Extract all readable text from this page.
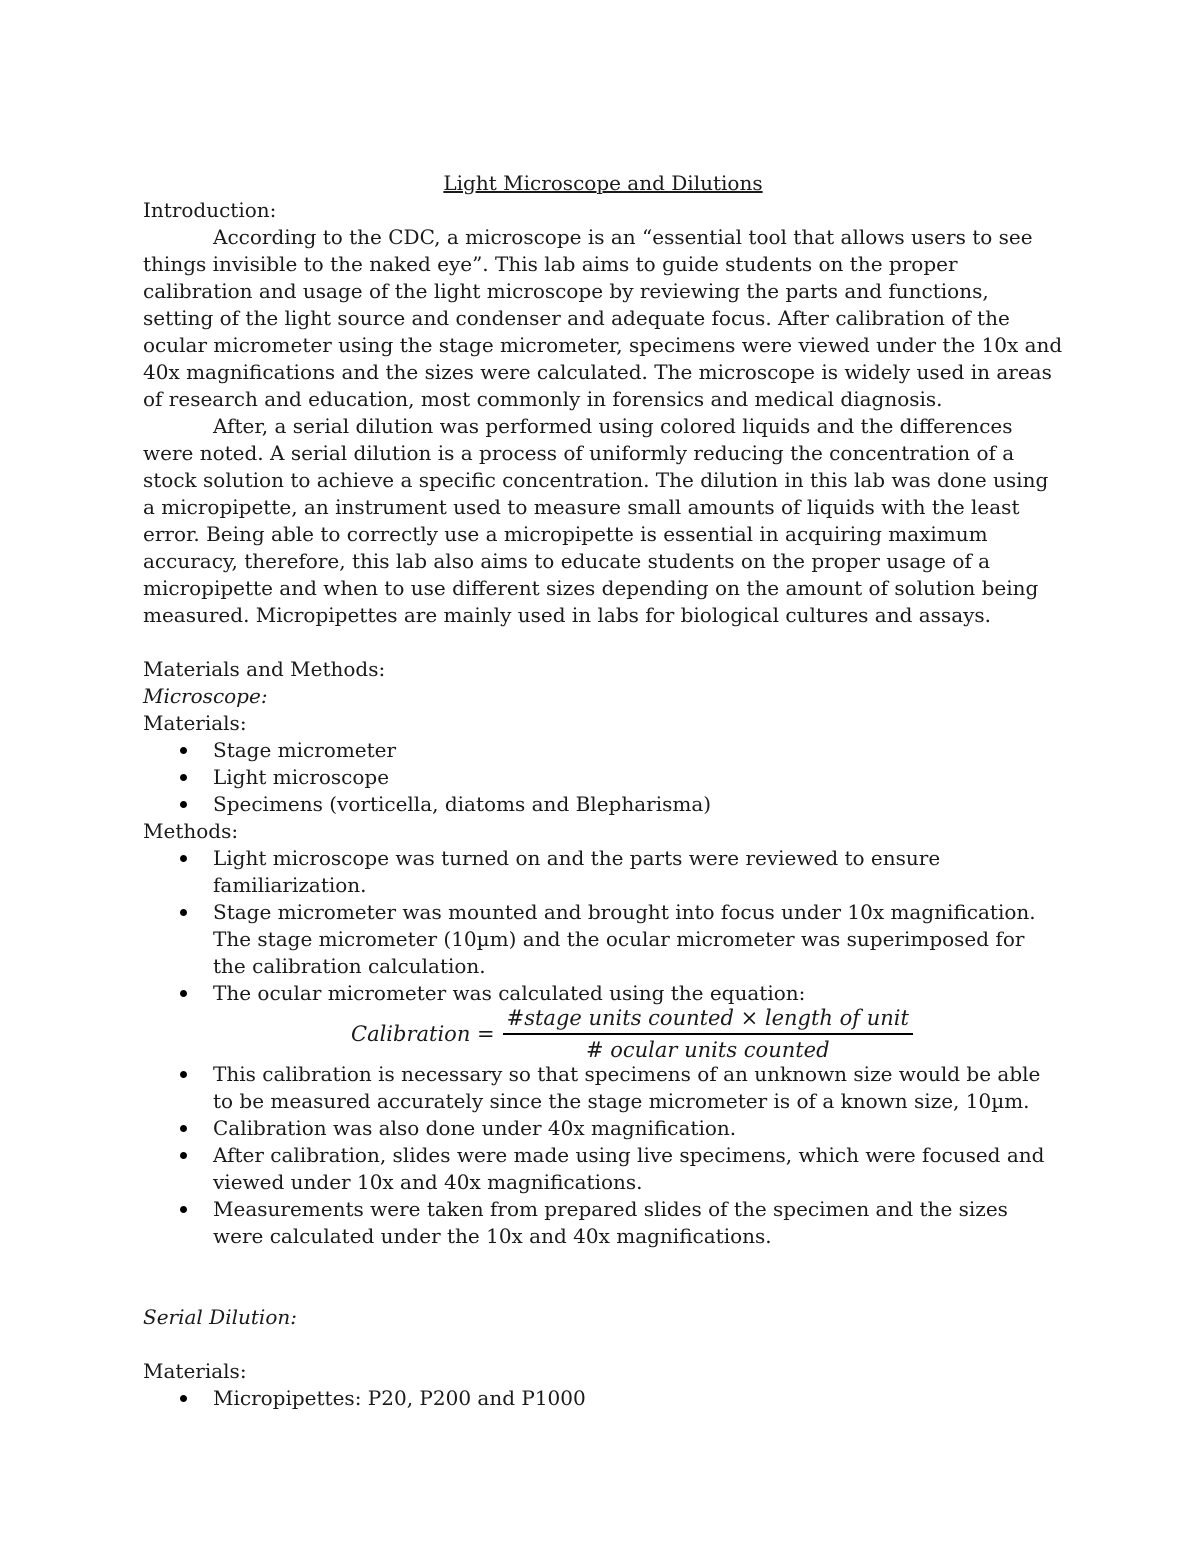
Light Microscope and Dilutions

Introduction:

According to the CDC, a microscope is an “essential tool that allows users to see things invisible to the naked eye”. This lab aims to guide students on the proper calibration and usage of the light microscope by reviewing the parts and functions, setting of the light source and condenser and adequate focus. After calibration of the ocular micrometer using the stage micrometer, specimens were viewed under the 10x and 40x magnifications and the sizes were calculated. The microscope is widely used in areas of research and education, most commonly in forensics and medical diagnosis.

After, a serial dilution was performed using colored liquids and the differences were noted. A serial dilution is a process of uniformly reducing the concentration of a stock solution to achieve a specific concentration. The dilution in this lab was done using a micropipette, an instrument used to measure small amounts of liquids with the least error. Being able to correctly use a micropipette is essential in acquiring maximum accuracy, therefore, this lab also aims to educate students on the proper usage of a micropipette and when to use different sizes depending on the amount of solution being measured. Micropipettes are mainly used in labs for biological cultures and assays.

Materials and Methods:

Microscope:

Materials:

Stage micrometer
Light microscope
Specimens (vorticella, diatoms and Blepharisma)

Methods:

Light microscope was turned on and the parts were reviewed to ensure familiarization.
Stage micrometer was mounted and brought into focus under 10x magnification. The stage micrometer (10µm) and the ocular micrometer was superimposed for the calibration calculation.
The ocular micrometer was calculated using the equation:
Calibration = $\frac{\text{\#stage units counted × length of unit}}{\text{\# ocular units counted}}$
This calibration is necessary so that specimens of an unknown size would be able to be measured accurately since the stage micrometer is of a known size, 10µm.
Calibration was also done under 40x magnification.
After calibration, slides were made using live specimens, which were focused and viewed under 10x and 40x magnifications.
Measurements were taken from prepared slides of the specimen and the sizes were calculated under the 10x and 40x magnifications.

Serial Dilution:

Materials:

Micropipettes: P20, P200 and P1000
